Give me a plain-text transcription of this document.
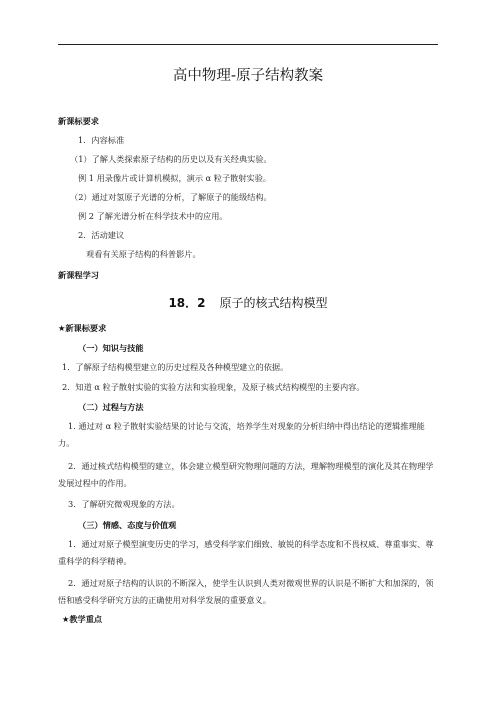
高中物理-原子结构教案
新课标要求
1．内容标准
（1）了解人类探索原子结构的历史以及有关经典实验。
例 1 用录像片或计算机模拟，演示 α 粒子散射实验。
（2）通过对氢原子光谱的分析，了解原子的能级结构。
例 2 了解光谱分析在科学技术中的应用。
2．活动建议
观看有关原子结构的科普影片。
新课程学习
18．2 原子的核式结构模型
★新课标要求
（一）知识与技能
1．了解原子结构模型建立的历史过程及各种模型建立的依据。
2．知道 α 粒子散射实验的实验方法和实验现象，及原子核式结构模型的主要内容。
（二）过程与方法
1. 通过对 α 粒子散射实验结果的讨论与交流，培养学生对现象的分析归纳中得出结论的逻辑推理能力。
2．通过核式结构模型的建立，体会建立模型研究物理问题的方法，理解物理模型的演化及其在物理学发展过程中的作用。
3．了解研究微观现象的方法。
（三）情感、态度与价值观
1．通过对原子模型演变历史的学习，感受科学家们细致、敏锐的科学态度和不畏权威、尊重事实、尊重科学的科学精神。
2．通过对原子结构的认识的不断深入，使学生认识到人类对微观世界的认识是不断扩大和加深的，领悟和感受科学研究方法的正确使用对科学发展的重要意义。
★教学重点
